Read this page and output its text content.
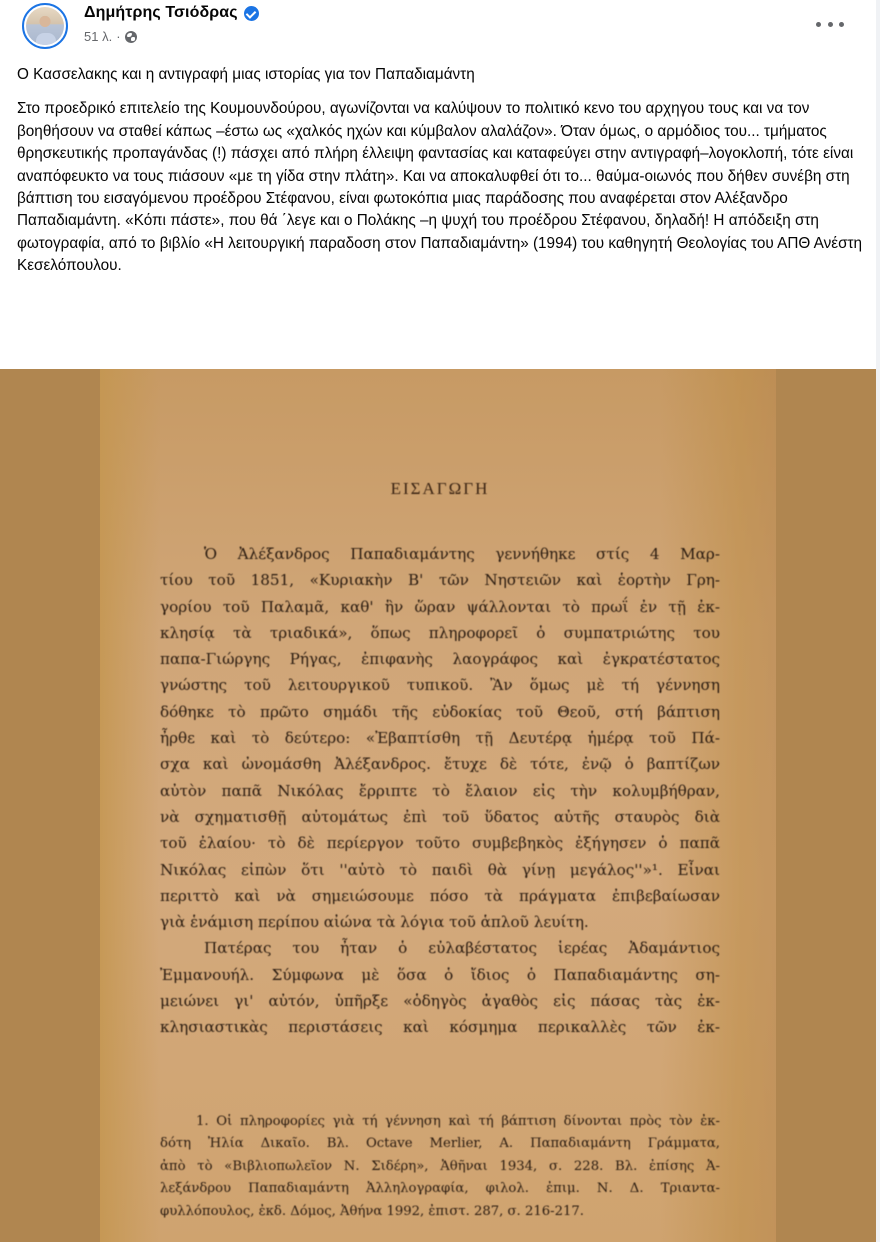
Δημήτρης Τσιόδρας
51 λ. ·

Ο Κασσελακης και η αντιγραφή μιας ιστορίας για τον Παπαδιαμάντη

Στο προεδρικό επιτελείο της Κουμουνδούρου, αγωνίζονται να καλύψουν το πολιτικό κενο του αρχηγου τους και να τον βοηθήσουν να σταθεί κάπως –έστω ως «χαλκός ηχών και κύμβαλον αλαλάζον». Όταν όμως, ο αρμόδιος του... τμήματος θρησκευτικής προπαγάνδας (!) πάσχει από πλήρη έλλειψη φαντασίας και καταφεύγει στην αντιγραφή–λογοκλοπή, τότε είναι αναπόφευκτο να τους πιάσουν «με τη γίδα στην πλάτη». Και να αποκαλυφθεί ότι το... θαύμα-οιωνός που δήθεν συνέβη στη βάπτιση του εισαγόμενου προέδρου Στέφανου, είναι φωτοκόπια μιας παράδοσης που αναφέρεται στον Αλέξανδρο Παπαδιαμάντη. «Κόπι πάστε», που θά ΄λεγε και ο Πολάκης –η ψυχή του προέδρου Στέφανου, δηλαδή! Η απόδειξη στη φωτογραφία, από το βιβλίο «Η λειτουργική παραδοση στον Παπαδιαμάντη» (1994) του καθηγητή Θεολογίας του ΑΠΘ Ανέστη Κεσελόπουλου.

ΕΙΣΑΓΩΓΗ
Ὁ Ἀλέξανδρος Παπαδιαμάντης γεννήθηκε στίς 4 Μαρ-
τίου τοῦ 1851, «Κυριακὴν Β' τῶν Νηστειῶν καὶ ἑορτὴν Γρη-
γορίου τοῦ Παλαμᾶ, καθ' ἣν ὥραν ψάλλονται τὸ πρωΐ ἐν τῇ ἐκ-
κλησίᾳ τὰ τριαδικά», ὅπως πληροφορεῖ ὁ συμπατριώτης του
παπα-Γιώργης Ρήγας, ἐπιφανὴς λαογράφος καὶ ἐγκρατέστατος
γνώστης τοῦ λειτουργικοῦ τυπικοῦ. Ἂν ὅμως μὲ τή γέννηση
δόθηκε τὸ πρῶτο σημάδι τῆς εὐδοκίας τοῦ Θεοῦ, στή βάπτιση
ἦρθε καὶ τὸ δεύτερο: «Ἐβαπτίσθη τῇ Δευτέρᾳ ἡμέρᾳ τοῦ Πά-
σχα καὶ ὠνομάσθη Ἀλέξανδρος. ἔτυχε δὲ τότε, ἐνῷ ὁ βαπτίζων
αὐτὸν παπᾶ Νικόλας ἔρριπτε τὸ ἔλαιον εἰς τὴν κολυμβήθραν,
νὰ σχηματισθῇ αὐτομάτως ἐπὶ τοῦ ὕδατος αὐτῆς σταυρὸς διὰ
τοῦ ἐλαίου· τὸ δὲ περίεργον τοῦτο συμβεβηκὸς ἐξήγησεν ὁ παπᾶ
Νικόλας εἰπὼν ὅτι ''αὐτὸ τὸ παιδὶ θὰ γίνῃ μεγάλος''»¹. Εἶναι
περιττὸ καὶ νὰ σημειώσουμε πόσο τὰ πράγματα ἐπιβεβαίωσαν
γιὰ ἑνάμιση περίπου αἰώνα τὰ λόγια τοῦ ἁπλοῦ λευίτη.
Πατέρας του ἦταν ὁ εὐλαβέστατος ἱερέας Ἀδαμάντιος
Ἐμμανουήλ. Σύμφωνα μὲ ὅσα ὁ ἴδιος ὁ Παπαδιαμάντης ση-
μειώνει γι' αὐτόν, ὑπῆρξε «ὁδηγὸς ἀγαθὸς εἰς πάσας τὰς ἐκ-
κλησιαστικὰς περιστάσεις καὶ κόσμημα περικαλλὲς τῶν ἐκ-
1. Οἱ πληροφορίες γιὰ τή γέννηση καὶ τή βάπτιση δίνονται πρὸς τὸν ἐκ-
δότη Ἠλία Δικαῖο. Βλ. Octave Merlier, Α. Παπαδιαμάντη Γράμματα,
ἀπὸ τὸ «Βιβλιοπωλεῖον Ν. Σιδέρη», Ἀθῆναι 1934, σ. 228. Βλ. ἐπίσης Ἀ-
λεξάνδρου Παπαδιαμάντη Ἀλληλογραφία, φιλολ. ἐπιμ. Ν. Δ. Τριαντα-
φυλλόπουλος, ἐκδ. Δόμος, Ἀθήνα 1992, ἐπιστ. 287, σ. 216-217.
